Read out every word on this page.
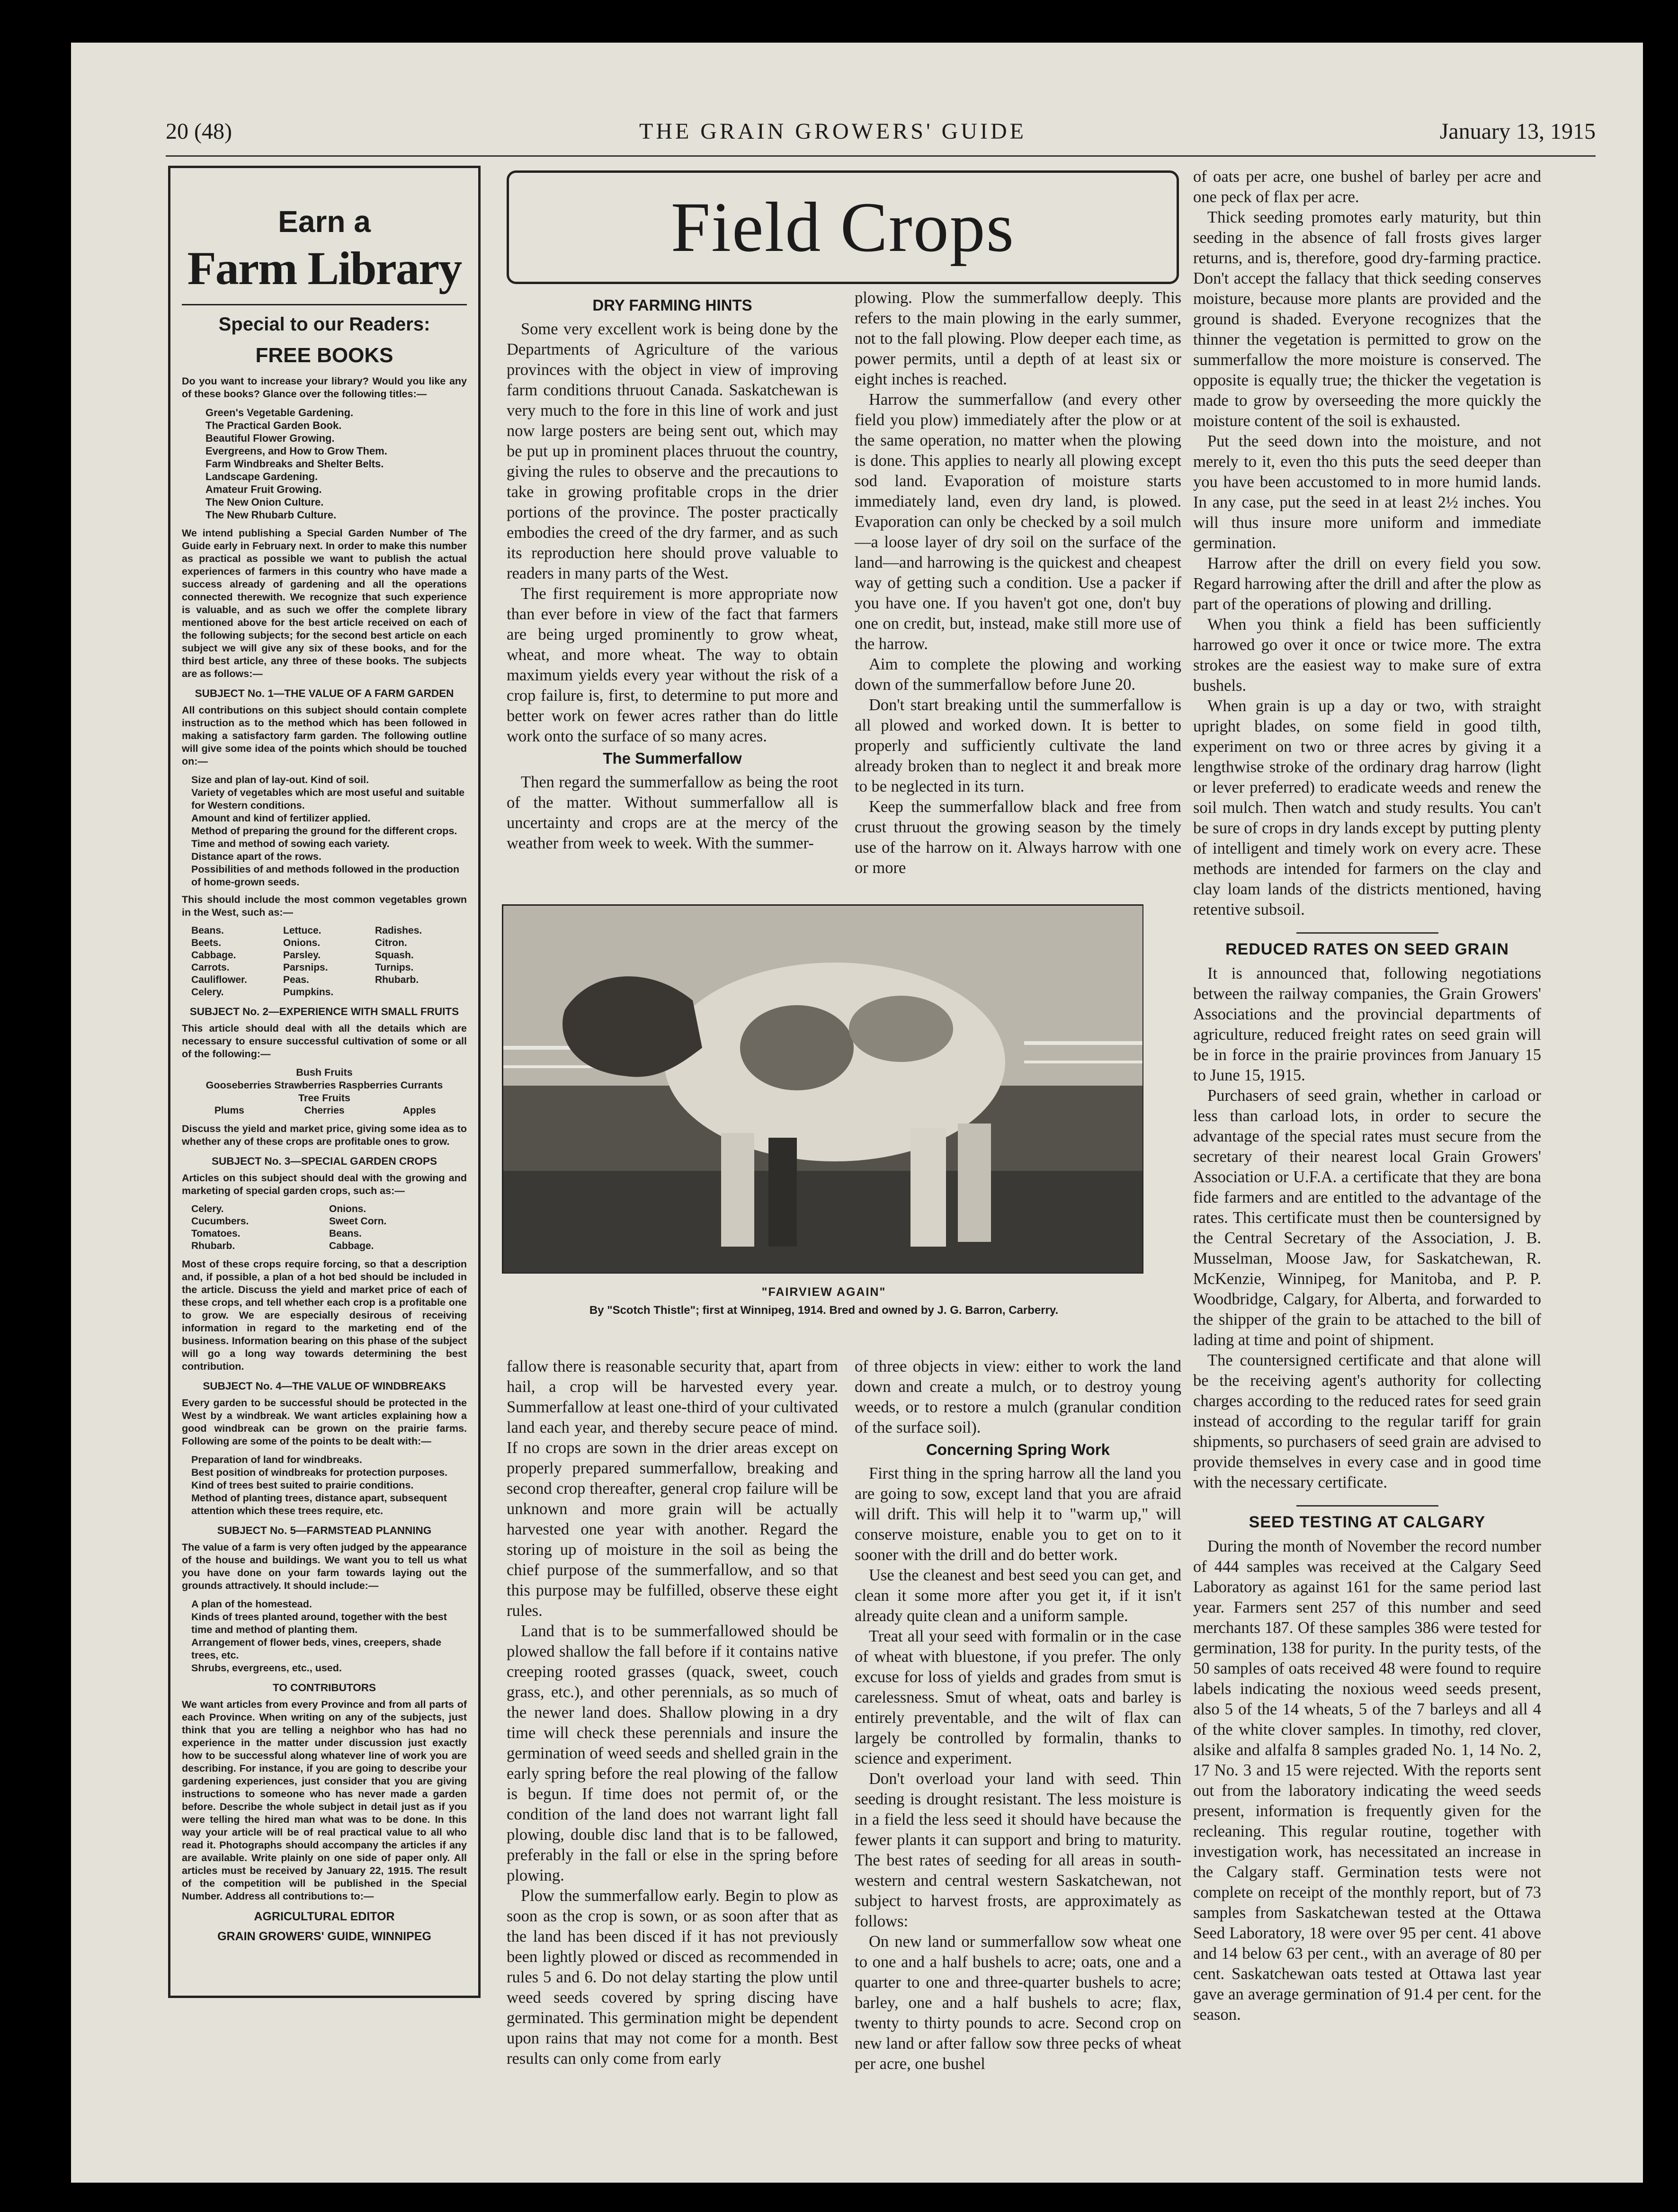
20 (48)	THE GRAIN GROWERS' GUIDE	January 13, 1915
Earn a
Farm Library
Special to our Readers:
FREE BOOKS

Do you want to increase your library? Would you like any of these books? Glance over the following titles:—

Green's Vegetable Gardening.
The Practical Garden Book.
Beautiful Flower Growing.
Evergreens, and How to Grow Them.
Farm Windbreaks and Shelter Belts.
Landscape Gardening.
Amateur Fruit Growing.
The New Onion Culture.
The New Rhubarb Culture.

We intend publishing a Special Garden Number of The Guide early in February next. In order to make this number as practical as possible we want to publish the actual experiences of farmers in this country who have made a success already of gardening and all the operations connected therewith. We recognize that such experience is valuable, and as such we offer the complete library mentioned above for the best article received on each of the following subjects; for the second best article on each subject we will give any six of these books, and for the third best article, any three of these books. The subjects are as follows:—

SUBJECT No. 1—THE VALUE OF A FARM GARDEN

All contributions on this subject should contain complete instruction as to the method which has been followed in making a satisfactory farm garden. The following outline will give some idea of the points which should be touched on:—

Size and plan of lay-out. Kind of soil.
Variety of vegetables which are most useful and suitable for Western conditions.
Amount and kind of fertilizer applied.
Method of preparing the ground for the different crops.
Time and method of sowing each variety.
Distance apart of the rows.
Possibilities of and methods followed in the production of home-grown seeds.

This should include the most common vegetables grown in the West, such as:—

Beans.	Lettuce.	Radishes.
Beets.	Onions.	Citron.
Cabbage.	Parsley.	Squash.
Carrots.	Parsnips.	Turnips.
Cauliflower.	Peas.	Rhubarb.
Celery.	Pumpkins.
SUBJECT No. 2—EXPERIENCE WITH SMALL FRUITS

This article should deal with all the details which are necessary to ensure successful cultivation of some or all of the following:—

Bush Fruits
Gooseberries Strawberries Raspberries Currants
Tree Fruits
Plums	Cherries	Apples

Discuss the yield and market price, giving some idea as to whether any of these crops are profitable ones to grow.

SUBJECT No. 3—SPECIAL GARDEN CROPS

Articles on this subject should deal with the growing and marketing of special garden crops, such as:—

Celery.	Onions.
Cucumbers.	Sweet Corn.
Tomatoes.	Beans.
Rhubarb.	Cabbage.

Most of these crops require forcing, so that a description and, if possible, a plan of a hot bed should be included in the article. Discuss the yield and market price of each of these crops, and tell whether each crop is a profitable one to grow. We are especially desirous of receiving information in regard to the marketing end of the business. Information bearing on this phase of the subject will go a long way towards determining the best contribution.

SUBJECT No. 4—THE VALUE OF WINDBREAKS

Every garden to be successful should be protected in the West by a windbreak. We want articles explaining how a good windbreak can be grown on the prairie farms. Following are some of the points to be dealt with:—

Preparation of land for windbreaks.
Best position of windbreaks for protection purposes.
Kind of trees best suited to prairie conditions.
Method of planting trees, distance apart, subsequent attention which these trees require, etc.
SUBJECT No. 5—FARMSTEAD PLANNING

The value of a farm is very often judged by the appearance of the house and buildings. We want you to tell us what you have done on your farm towards laying out the grounds attractively. It should include:—

A plan of the homestead.
Kinds of trees planted around, together with the best time and method of planting them.
Arrangement of flower beds, vines, creepers, shade trees, etc.
Shrubs, evergreens, etc., used.
TO CONTRIBUTORS

We want articles from every Province and from all parts of each Province. When writing on any of the subjects, just think that you are telling a neighbor who has had no experience in the matter under discussion just exactly how to be successful along whatever line of work you are describing. For instance, if you are going to describe your gardening experiences, just consider that you are giving instructions to someone who has never made a garden before. Describe the whole subject in detail just as if you were telling the hired man what was to be done. In this way your article will be of real practical value to all who read it. Photographs should accompany the articles if any are available. Write plainly on one side of paper only. All articles must be received by January 22, 1915. The result of the competition will be published in the Special Number. Address all contributions to:—

AGRICULTURAL EDITOR
GRAIN GROWERS' GUIDE, WINNIPEG
Field Crops
DRY FARMING HINTS

Some very excellent work is being done by the Departments of Agriculture of the various provinces with the object in view of improving farm conditions thruout Canada. Saskatchewan is very much to the fore in this line of work and just now large posters are being sent out, which may be put up in prominent places thruout the country, giving the rules to observe and the precautions to take in growing profitable crops in the drier portions of the province. The poster practically embodies the creed of the dry farmer, and as such its reproduction here should prove valuable to readers in many parts of the West.

The first requirement is more appropriate now than ever before in view of the fact that farmers are being urged prominently to grow wheat, wheat, and more wheat. The way to obtain maximum yields every year without the risk of a crop failure is, first, to determine to put more and better work on fewer acres rather than do little work onto the surface of so many acres.

The Summerfallow

Then regard the summerfallow as being the root of the matter. Without summerfallow all is uncertainty and crops are at the mercy of the weather from week to week. With the summer-

plowing. Plow the summerfallow deeply. This refers to the main plowing in the early summer, not to the fall plowing. Plow deeper each time, as power permits, until a depth of at least six or eight inches is reached.

Harrow the summerfallow (and every other field you plow) immediately after the plow or at the same operation, no matter when the plowing is done. This applies to nearly all plowing except sod land. Evaporation of moisture starts immediately land, even dry land, is plowed. Evaporation can only be checked by a soil mulch—a loose layer of dry soil on the surface of the land—and harrowing is the quickest and cheapest way of getting such a condition. Use a packer if you have one. If you haven't got one, don't buy one on credit, but, instead, make still more use of the harrow.

Aim to complete the plowing and working down of the summerfallow before June 20.

Don't start breaking until the summerfallow is all plowed and worked down. It is better to properly and sufficiently cultivate the land already broken than to neglect it and break more to be neglected in its turn.

Keep the summerfallow black and free from crust thruout the growing season by the timely use of the harrow on it. Always harrow with one or more

"FAIRVIEW AGAIN"
By "Scotch Thistle"; first at Winnipeg, 1914. Bred and owned by J. G. Barron, Carberry.

of oats per acre, one bushel of barley per acre and one peck of flax per acre.

Thick seeding promotes early maturity, but thin seeding in the absence of fall frosts gives larger returns, and is, therefore, good dry-farming practice. Don't accept the fallacy that thick seeding conserves moisture, because more plants are provided and the ground is shaded. Everyone recognizes that the thinner the vegetation is permitted to grow on the summerfallow the more moisture is conserved. The opposite is equally true; the thicker the vegetation is made to grow by overseeding the more quickly the moisture content of the soil is exhausted.

Put the seed down into the moisture, and not merely to it, even tho this puts the seed deeper than you have been accustomed to in more humid lands. In any case, put the seed in at least 2½ inches. You will thus insure more uniform and immediate germination.

Harrow after the drill on every field you sow. Regard harrowing after the drill and after the plow as part of the operations of plowing and drilling.

When you think a field has been sufficiently harrowed go over it once or twice more. The extra strokes are the easiest way to make sure of extra bushels.

When grain is up a day or two, with straight upright blades, on some field in good tilth, experiment on two or three acres by giving it a lengthwise stroke of the ordinary drag harrow (light or lever preferred) to eradicate weeds and renew the soil mulch. Then watch and study results. You can't be sure of crops in dry lands except by putting plenty of intelligent and timely work on every acre. These methods are intended for farmers on the clay and clay loam lands of the districts mentioned, having retentive subsoil.

REDUCED RATES ON SEED GRAIN

It is announced that, following negotiations between the railway companies, the Grain Growers' Associations and the provincial departments of agriculture, reduced freight rates on seed grain will be in force in the prairie provinces from January 15 to June 15, 1915.

Purchasers of seed grain, whether in carload or less than carload lots, in order to secure the advantage of the special rates must secure from the secretary of their nearest local Grain Growers' Association or U.F.A. a certificate that they are bona fide farmers and are entitled to the advantage of the rates. This certificate must then be countersigned by the Central Secretary of the Association, J. B. Musselman, Moose Jaw, for Saskatchewan, R. McKenzie, Winnipeg, for Manitoba, and P. P. Woodbridge, Calgary, for Alberta, and forwarded to the shipper of the grain to be attached to the bill of lading at time and point of shipment.

The countersigned certificate and that alone will be the receiving agent's authority for collecting charges according to the reduced rates for seed grain instead of according to the regular tariff for grain shipments, so purchasers of seed grain are advised to provide themselves in every case and in good time with the necessary certificate.

SEED TESTING AT CALGARY

During the month of November the record number of 444 samples was received at the Calgary Seed Laboratory as against 161 for the same period last year. Farmers sent 257 of this number and seed merchants 187. Of these samples 386 were tested for germination, 138 for purity. In the purity tests, of the 50 samples of oats received 48 were found to require labels indicating the noxious weed seeds present, also 5 of the 14 wheats, 5 of the 7 barleys and all 4 of the white clover samples. In timothy, red clover, alsike and alfalfa 8 samples graded No. 1, 14 No. 2, 17 No. 3 and 15 were rejected. With the reports sent out from the laboratory indicating the weed seeds present, information is frequently given for the recleaning. This regular routine, together with investigation work, has necessitated an increase in the Calgary staff. Germination tests were not complete on receipt of the monthly report, but of 73 samples from Saskatchewan tested at the Ottawa Seed Laboratory, 18 were over 95 per cent. 41 above and 14 below 63 per cent., with an average of 80 per cent. Saskatchewan oats tested at Ottawa last year gave an average germination of 91.4 per cent. for the season.

fallow there is reasonable security that, apart from hail, a crop will be harvested every year. Summerfallow at least one-third of your cultivated land each year, and thereby secure peace of mind. If no crops are sown in the drier areas except on properly prepared summerfallow, breaking and second crop thereafter, general crop failure will be unknown and more grain will be actually harvested one year with another. Regard the storing up of moisture in the soil as being the chief purpose of the summerfallow, and so that this purpose may be fulfilled, observe these eight rules.

Land that is to be summerfallowed should be plowed shallow the fall before if it contains native creeping rooted grasses (quack, sweet, couch grass, etc.), and other perennials, as so much of the newer land does. Shallow plowing in a dry time will check these perennials and insure the germination of weed seeds and shelled grain in the early spring before the real plowing of the fallow is begun. If time does not permit of, or the condition of the land does not warrant light fall plowing, double disc land that is to be fallowed, preferably in the fall or else in the spring before plowing.

Plow the summerfallow early. Begin to plow as soon as the crop is sown, or as soon after that as the land has been disced if it has not previously been lightly plowed or disced as recommended in rules 5 and 6. Do not delay starting the plow until weed seeds covered by spring discing have germinated. This germination might be dependent upon rains that may not come for a month. Best results can only come from early

of three objects in view: either to work the land down and create a mulch, or to destroy young weeds, or to restore a mulch (granular condition of the surface soil).

Concerning Spring Work

First thing in the spring harrow all the land you are going to sow, except land that you are afraid will drift. This will help it to "warm up," will conserve moisture, enable you to get on to it sooner with the drill and do better work.

Use the cleanest and best seed you can get, and clean it some more after you get it, if it isn't already quite clean and a uniform sample.

Treat all your seed with formalin or in the case of wheat with bluestone, if you prefer. The only excuse for loss of yields and grades from smut is carelessness. Smut of wheat, oats and barley is entirely preventable, and the wilt of flax can largely be controlled by formalin, thanks to science and experiment.

Don't overload your land with seed. Thin seeding is drought resistant. The less moisture is in a field the less seed it should have because the fewer plants it can support and bring to maturity. The best rates of seeding for all areas in south-western and central western Saskatchewan, not subject to harvest frosts, are approximately as follows:

On new land or summerfallow sow wheat one to one and a half bushels to acre; oats, one and a quarter to one and three-quarter bushels to acre; barley, one and a half bushels to acre; flax, twenty to thirty pounds to acre. Second crop on new land or after fallow sow three pecks of wheat per acre, one bushel
